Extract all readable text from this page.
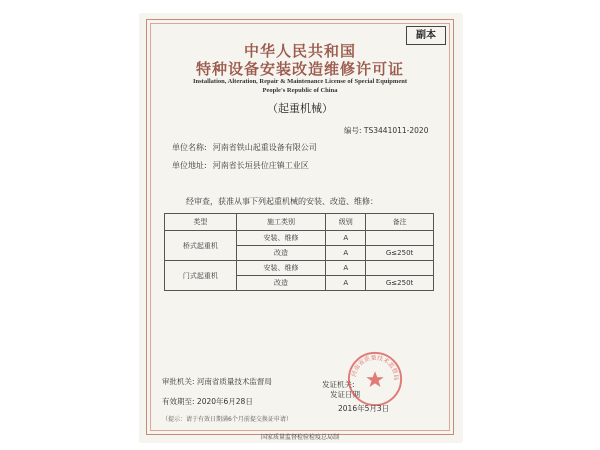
副本
中华人民共和国
特种设备安装改造维修许可证
Installation, Alteration, Repair & Maintenance License of Special Equipment
People's Republic of China
（起重机械）
编号: TS3441011-2020
单位名称: 河南省铁山起重设备有限公司
单位地址: 河南省长垣县位庄镇工业区
经审查，获准从事下列起重机械的安装、改造、维修：
类型	施工类别	级别	备注
桥式起重机	安装、维修	A	
	改造	A	G≤250t
门式起重机	安装、维修	A	
	改造	A	G≤250t
审批机关: 河南省质量技术监督局
有效期至: 2020年6月28日
（提示：请于有效日期满6个月前提交换证申请）
发证机关:
发证日期
河南省质量技术监督局
2016年5月3日
国家质量监督检验检疫总局制
